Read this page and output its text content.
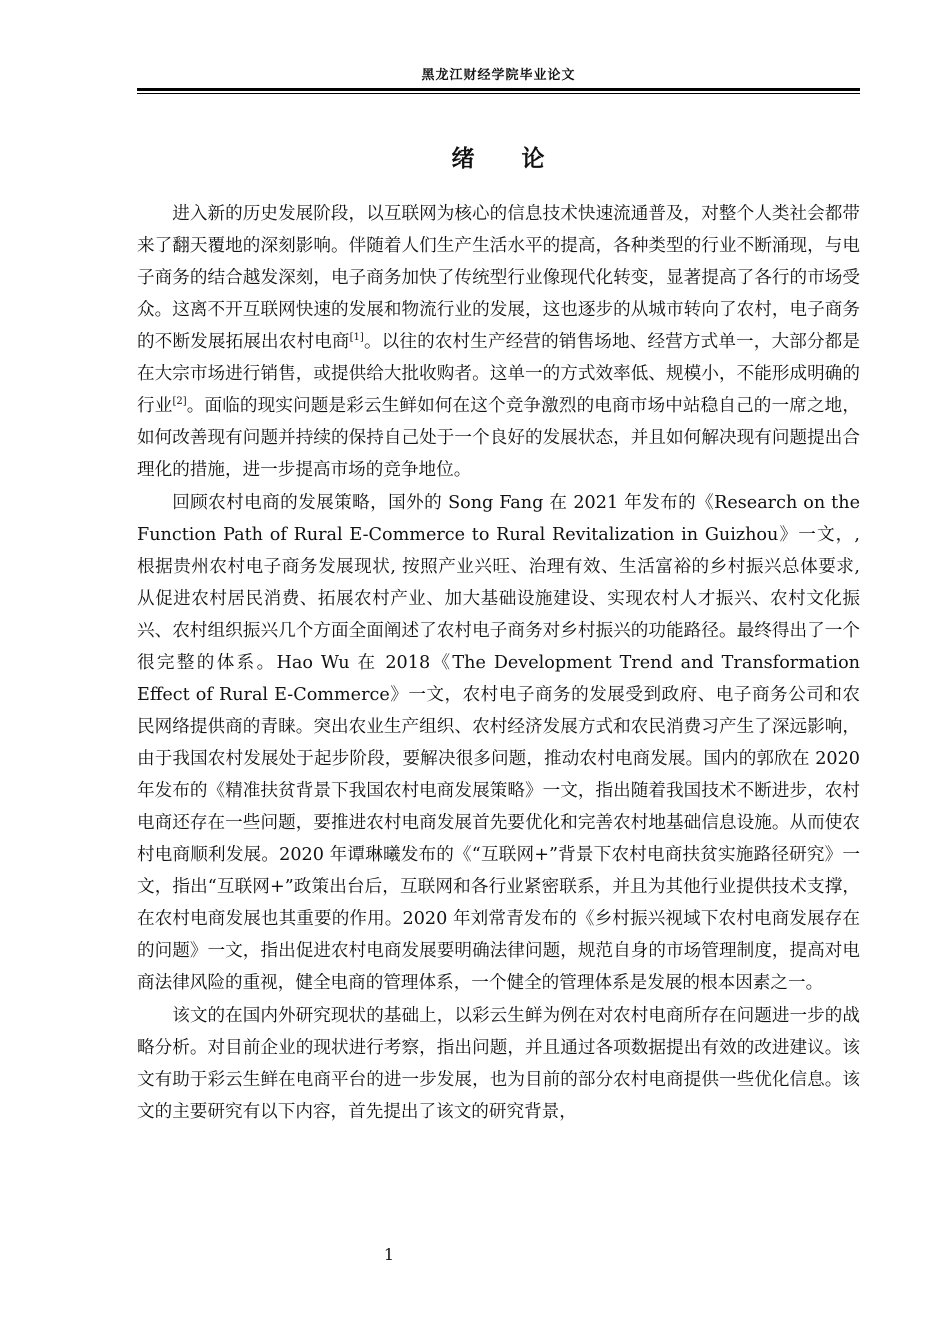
黑龙江财经学院毕业论文
绪 论

进入新的历史发展阶段，以互联网为核心的信息技术快速流通普及，对整个人类社会都带来了翻天覆地的深刻影响。伴随着人们生产生活水平的提高，各种类型的行业不断涌现，与电子商务的结合越发深刻，电子商务加快了传统型行业像现代化转变，显著提高了各行的市场受众。这离不开互联网快速的发展和物流行业的发展，这也逐步的从城市转向了农村，电子商务的不断发展拓展出农村电商[1]。以往的农村生产经营的销售场地、经营方式单一，大部分都是在大宗市场进行销售，或提供给大批收购者。这单一的方式效率低、规模小，不能形成明确的行业[2]。面临的现实问题是彩云生鲜如何在这个竞争激烈的电商市场中站稳自己的一席之地，如何改善现有问题并持续的保持自己处于一个良好的发展状态，并且如何解决现有问题提出合理化的措施，进一步提高市场的竞争地位。

回顾农村电商的发展策略，国外的 Song Fang 在 2021 年发布的《Research on the Function Path of Rural E-Commerce to Rural Revitalization in Guizhou》一文，, 根据贵州农村电子商务发展现状, 按照产业兴旺、治理有效、生活富裕的乡村振兴总体要求, 从促进农村居民消费、拓展农村产业、加大基础设施建设、实现农村人才振兴、农村文化振兴、农村组织振兴几个方面全面阐述了农村电子商务对乡村振兴的功能路径。最终得出了一个很完整的体系。Hao Wu 在 2018《The Development Trend and Transformation Effect of Rural E-Commerce》一文，农村电子商务的发展受到政府、电子商务公司和农民网络提供商的青睐。突出农业生产组织、农村经济发展方式和农民消费习产生了深远影响，由于我国农村发展处于起步阶段，要解决很多问题，推动农村电商发展。国内的郭欣在 2020 年发布的《精准扶贫背景下我国农村电商发展策略》一文，指出随着我国技术不断进步，农村电商还存在一些问题，要推进农村电商发展首先要优化和完善农村地基础信息设施。从而使农村电商顺利发展。2020 年谭琳曦发布的《“互联网+”背景下农村电商扶贫实施路径研究》一文，指出“互联网+”政策出台后，互联网和各行业紧密联系，并且为其他行业提供技术支撑，在农村电商发展也其重要的作用。2020 年刘常青发布的《乡村振兴视域下农村电商发展存在的问题》一文，指出促进农村电商发展要明确法律问题，规范自身的市场管理制度，提高对电商法律风险的重视，健全电商的管理体系，一个健全的管理体系是发展的根本因素之一。

该文的在国内外研究现状的基础上，以彩云生鲜为例在对农村电商所存在问题进一步的战略分析。对目前企业的现状进行考察，指出问题，并且通过各项数据提出有效的改进建议。该文有助于彩云生鲜在电商平台的进一步发展，也为目前的部分农村电商提供一些优化信息。该文的主要研究有以下内容，首先提出了该文的研究背景，

1
